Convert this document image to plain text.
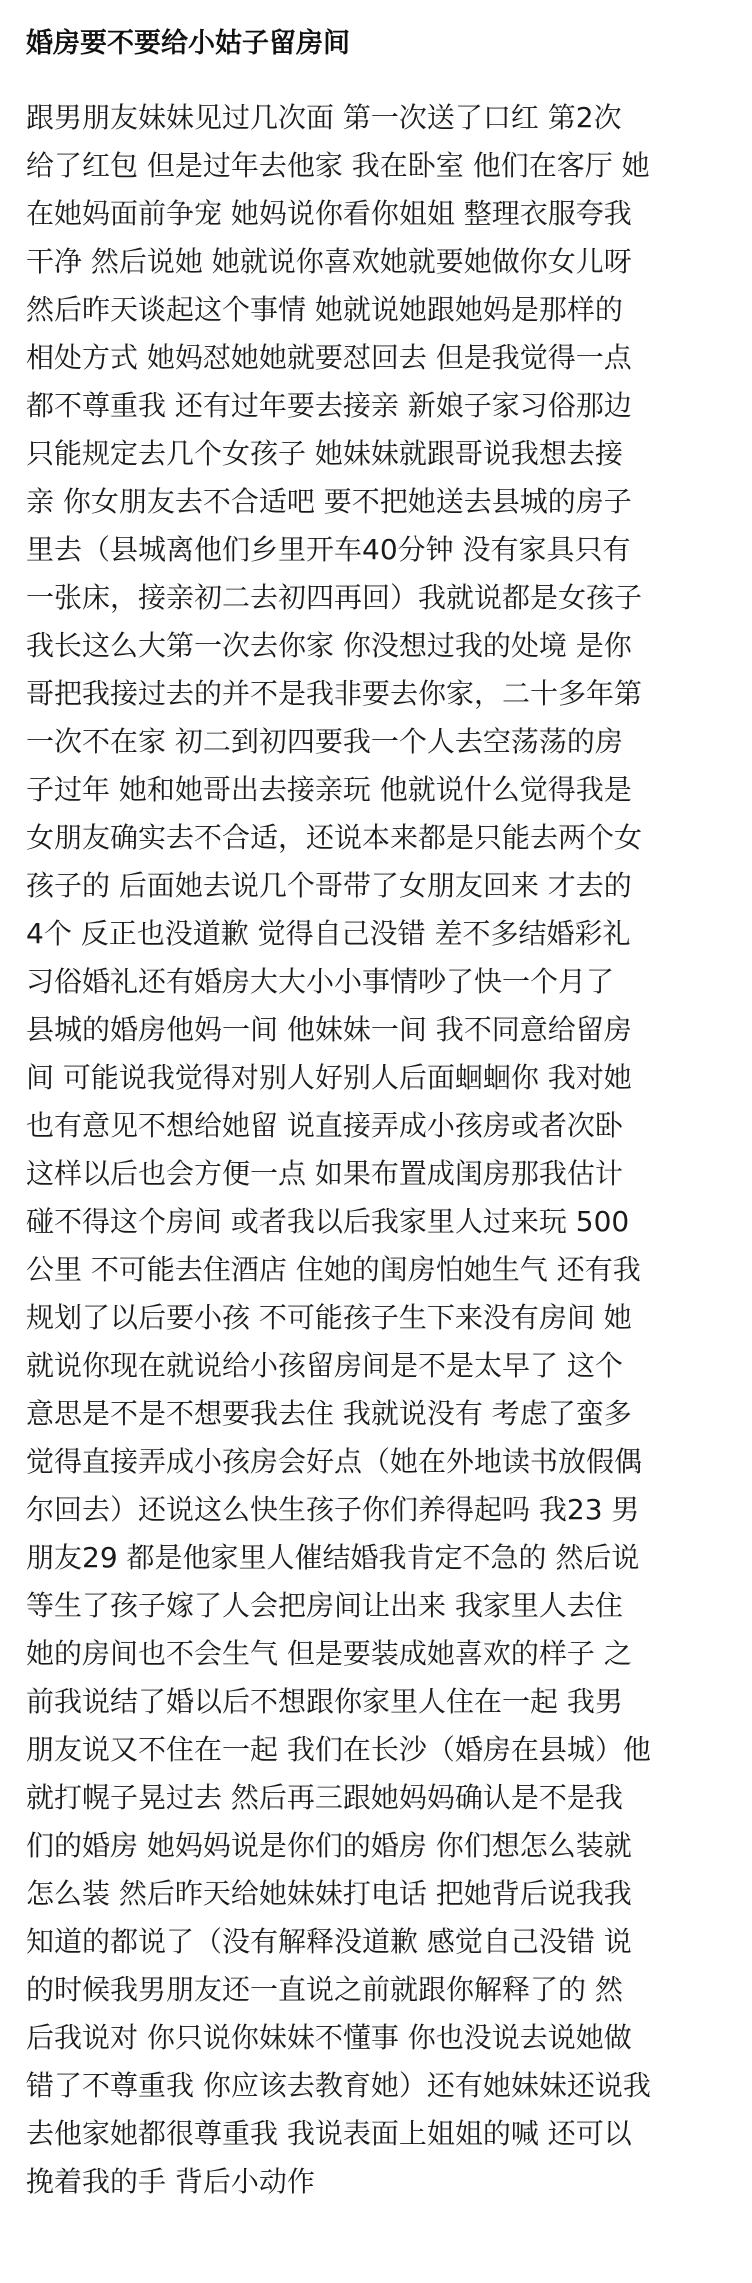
婚房要不要给小姑子留房间
跟男朋友妹妹见过几次面 第一次送了口红 第2次
给了红包 但是过年去他家 我在卧室 他们在客厅 她
在她妈面前争宠 她妈说你看你姐姐 整理衣服夸我
干净 然后说她 她就说你喜欢她就要她做你女儿呀
然后昨天谈起这个事情 她就说她跟她妈是那样的
相处方式 她妈怼她她就要怼回去 但是我觉得一点
都不尊重我 还有过年要去接亲 新娘子家习俗那边
只能规定去几个女孩子 她妹妹就跟哥说我想去接
亲 你女朋友去不合适吧 要不把她送去县城的房子
里去（县城离他们乡里开车40分钟 没有家具只有
一张床，接亲初二去初四再回）我就说都是女孩子
我长这么大第一次去你家 你没想过我的处境 是你
哥把我接过去的并不是我非要去你家，二十多年第
一次不在家 初二到初四要我一个人去空荡荡的房
子过年 她和她哥出去接亲玩 他就说什么觉得我是
女朋友确实去不合适，还说本来都是只能去两个女
孩子的 后面她去说几个哥带了女朋友回来 才去的
4个 反正也没道歉 觉得自己没错 差不多结婚彩礼
习俗婚礼还有婚房大大小小事情吵了快一个月了
县城的婚房他妈一间 他妹妹一间 我不同意给留房
间 可能说我觉得对别人好别人后面蛔蛔你 我对她
也有意见不想给她留 说直接弄成小孩房或者次卧
这样以后也会方便一点 如果布置成闺房那我估计
碰不得这个房间 或者我以后我家里人过来玩 500
公里 不可能去住酒店 住她的闺房怕她生气 还有我
规划了以后要小孩 不可能孩子生下来没有房间 她
就说你现在就说给小孩留房间是不是太早了 这个
意思是不是不想要我去住 我就说没有 考虑了蛮多
觉得直接弄成小孩房会好点（她在外地读书放假偶
尔回去）还说这么快生孩子你们养得起吗 我23 男
朋友29 都是他家里人催结婚我肯定不急的 然后说
等生了孩子嫁了人会把房间让出来 我家里人去住
她的房间也不会生气 但是要装成她喜欢的样子 之
前我说结了婚以后不想跟你家里人住在一起 我男
朋友说又不住在一起 我们在长沙（婚房在县城）他
就打幌子晃过去 然后再三跟她妈妈确认是不是我
们的婚房 她妈妈说是你们的婚房 你们想怎么装就
怎么装 然后昨天给她妹妹打电话 把她背后说我我
知道的都说了（没有解释没道歉 感觉自己没错 说
的时候我男朋友还一直说之前就跟你解释了的 然
后我说对 你只说你妹妹不懂事 你也没说去说她做
错了不尊重我 你应该去教育她）还有她妹妹还说我
去他家她都很尊重我 我说表面上姐姐的喊 还可以
挽着我的手 背后小动作
